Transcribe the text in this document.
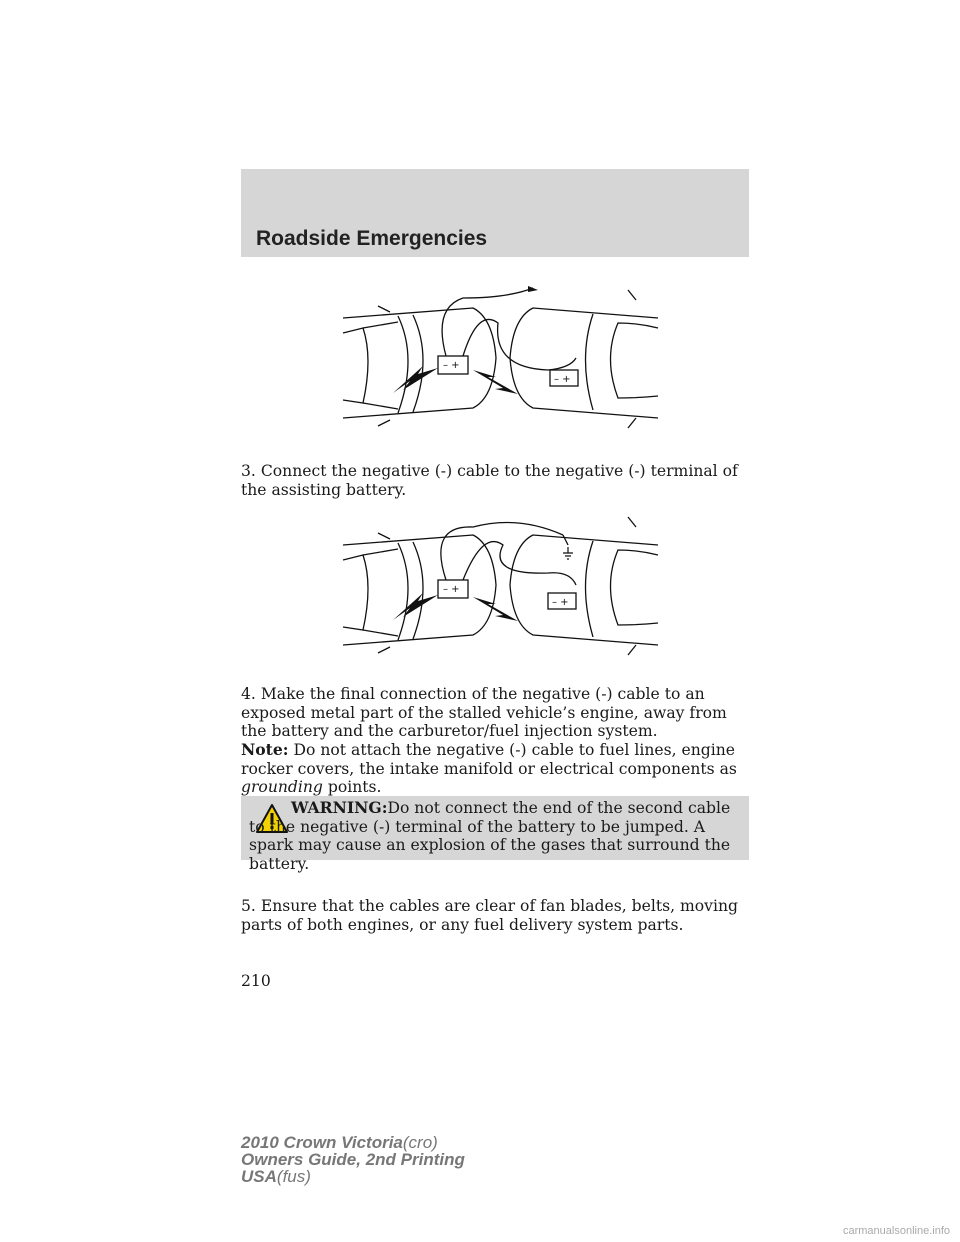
Roadside Emergencies
– +
– +

3. Connect the negative (-) cable to the negative (-) terminal of the assisting battery.

– +
– +

4. Make the final connection of the negative (-) cable to an exposed metal part of the stalled vehicle’s engine, away from the battery and the carburetor/fuel injection system.

Note: Do not attach the negative (-) cable to fuel lines, engine rocker covers, the intake manifold or electrical components as grounding points.

WARNING:Do not connect the end of the second cable to the negative (-) terminal of the battery to be jumped. A spark may cause an explosion of the gases that surround the battery.

5. Ensure that the cables are clear of fan blades, belts, moving parts of both engines, or any fuel delivery system parts.

210

2010 Crown Victoria(cro)
Owners Guide, 2nd Printing
USA(fus)

carmanualsonline.info
